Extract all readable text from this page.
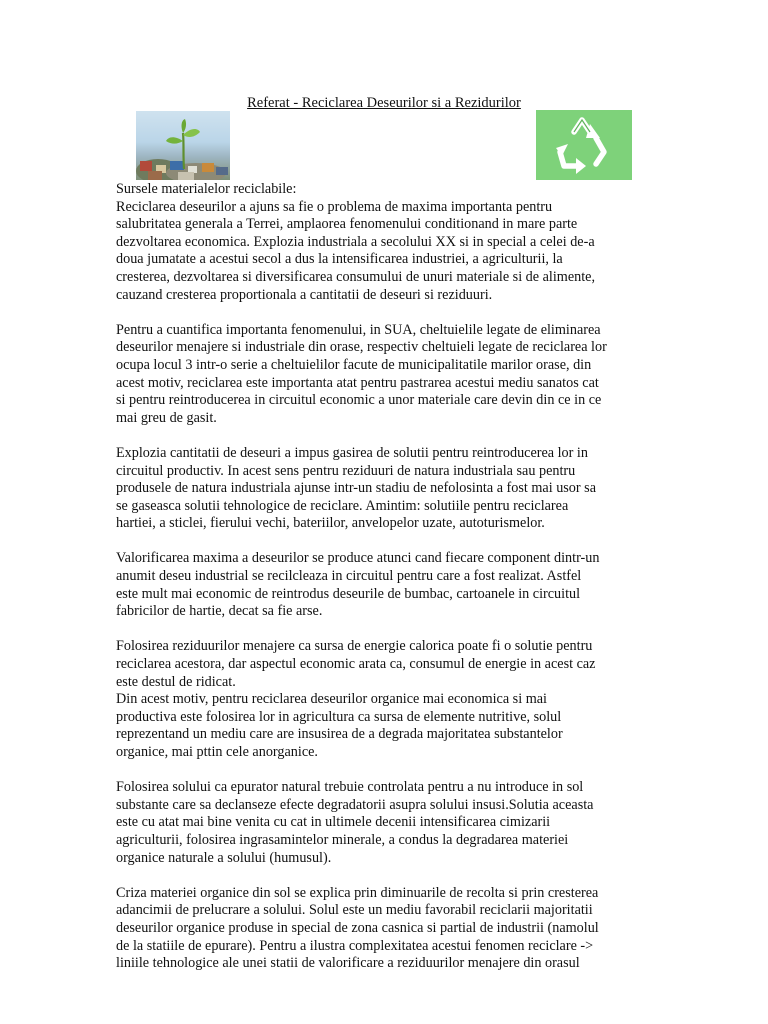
Referat - Reciclarea Deseurilor si a Rezidurilor

Sursele materialelor reciclabile:
Reciclarea deseurilor a ajuns sa fie o problema de maxima importanta pentru
salubritatea generala a Terrei, amplaorea fenomenului conditionand in mare parte
dezvoltarea economica. Explozia industriala a secolului XX si in special a celei de-a
doua jumatate a acestui secol a dus la intensificarea industriei, a agriculturii, la
cresterea, dezvoltarea si diversificarea consumului de unuri materiale si de alimente,
cauzand cresterea proportionala a cantitatii de deseuri si reziduuri.

Pentru a cuantifica importanta fenomenului, in SUA, cheltuielile legate de eliminarea
deseurilor menajere si industriale din orase, respectiv cheltuieli legate de reciclarea lor
ocupa locul 3 intr-o serie a cheltuielilor facute de municipalitatile marilor orase, din
acest motiv, reciclarea este importanta atat pentru pastrarea acestui mediu sanatos cat
si pentru reintroducerea in circuitul economic a unor materiale care devin din ce in ce
mai greu de gasit.

Explozia cantitatii de deseuri a impus gasirea de solutii pentru reintroducerea lor in
circuitul productiv. In acest sens pentru reziduuri de natura industriala sau pentru
produsele de natura industriala ajunse intr-un stadiu de nefolosinta a fost mai usor sa
se gaseasca solutii tehnologice de reciclare. Amintim: solutiile pentru reciclarea
hartiei, a sticlei, fierului vechi, bateriilor, anvelopelor uzate, autoturismelor.

Valorificarea maxima a deseurilor se produce atunci cand fiecare component dintr-un
anumit deseu industrial se recilcleaza in circuitul pentru care a fost realizat. Astfel
este mult mai economic de reintrodus deseurile de bumbac, cartoanele in circuitul
fabricilor de hartie, decat sa fie arse.

Folosirea reziduurilor menajere ca sursa de energie calorica poate fi o solutie pentru
reciclarea acestora, dar aspectul economic arata ca, consumul de energie in acest caz
este destul de ridicat.
Din acest motiv, pentru reciclarea deseurilor organice mai economica si mai
productiva este folosirea lor in agricultura ca sursa de elemente nutritive, solul
reprezentand un mediu care are insusirea de a degrada majoritatea substantelor
organice, mai pttin cele anorganice.

Folosirea solului ca epurator natural trebuie controlata pentru a nu introduce in sol
substante care sa declanseze efecte degradatorii asupra solului insusi.Solutia aceasta
este cu atat mai bine venita cu cat in ultimele decenii intensificarea cimizarii
agriculturii, folosirea ingrasamintelor minerale, a condus la degradarea materiei
organice naturale a solului (humusul).

Criza materiei organice din sol se explica prin diminuarile de recolta si prin cresterea
adancimii de prelucrare a solului. Solul este un mediu favorabil reciclarii majoritatii
deseurilor organice produse in special de zona casnica si partial de industrii (namolul
de la statiile de epurare). Pentru a ilustra complexitatea acestui fenomen reciclare ->
liniile tehnologice ale unei statii de valorificare a reziduurilor menajere din orasul
